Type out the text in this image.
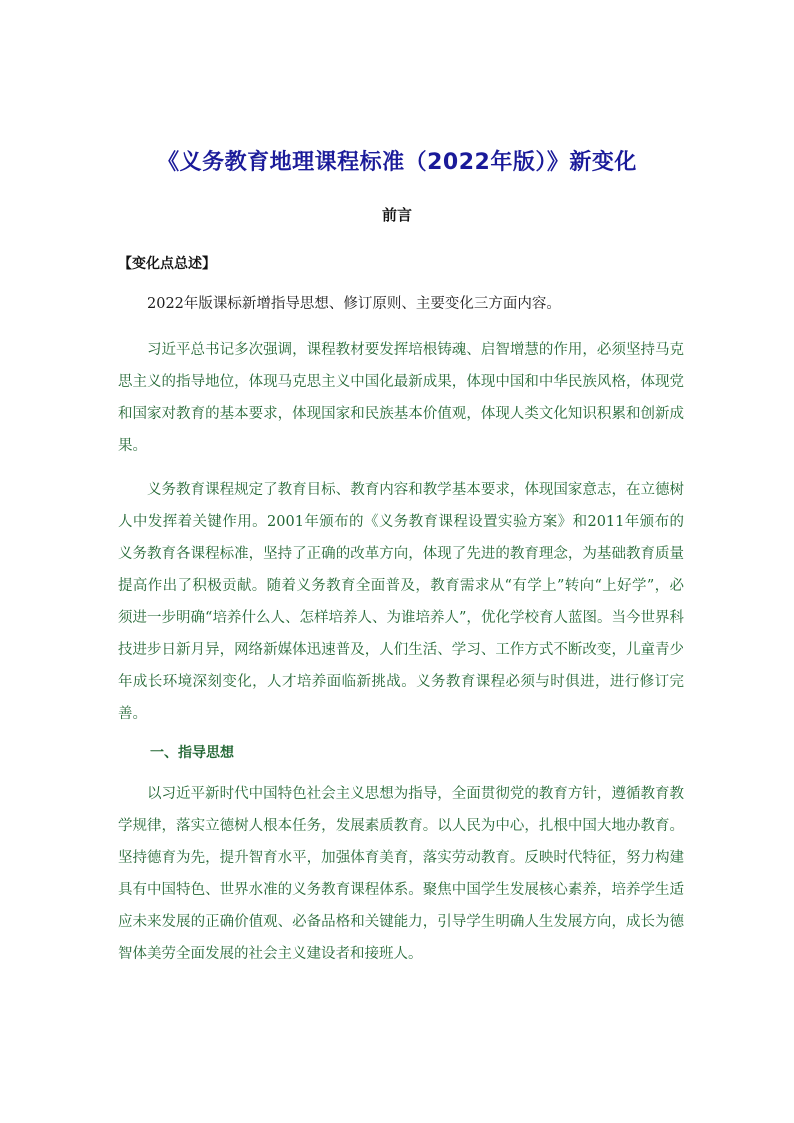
《义务教育地理课程标准（2022年版）》新变化
前言
【变化点总述】

2022年版课标新增指导思想、修订原则、主要变化三方面内容。

习近平总书记多次强调，课程教材要发挥培根铸魂、启智增慧的作用，必须坚持马克思主义的指导地位，体现马克思主义中国化最新成果，体现中国和中华民族风格，体现党和国家对教育的基本要求，体现国家和民族基本价值观，体现人类文化知识积累和创新成果。

义务教育课程规定了教育目标、教育内容和教学基本要求，体现国家意志，在立德树人中发挥着关键作用。2001年颁布的《义务教育课程设置实验方案》和2011年颁布的义务教育各课程标准，坚持了正确的改革方向，体现了先进的教育理念，为基础教育质量提高作出了积极贡献。随着义务教育全面普及，教育需求从“有学上”转向“上好学”，必须进一步明确“培养什么人、怎样培养人、为谁培养人”，优化学校育人蓝图。当今世界科技进步日新月异，网络新媒体迅速普及，人们生活、学习、工作方式不断改变，儿童青少年成长环境深刻变化，人才培养面临新挑战。义务教育课程必须与时俱进，进行修订完善。

一、指导思想

以习近平新时代中国特色社会主义思想为指导，全面贯彻党的教育方针，遵循教育教学规律，落实立德树人根本任务，发展素质教育。以人民为中心，扎根中国大地办教育。坚持德育为先，提升智育水平，加强体育美育，落实劳动教育。反映时代特征，努力构建具有中国特色、世界水准的义务教育课程体系。聚焦中国学生发展核心素养，培养学生适应未来发展的正确价值观、必备品格和关键能力，引导学生明确人生发展方向，成长为德智体美劳全面发展的社会主义建设者和接班人。
